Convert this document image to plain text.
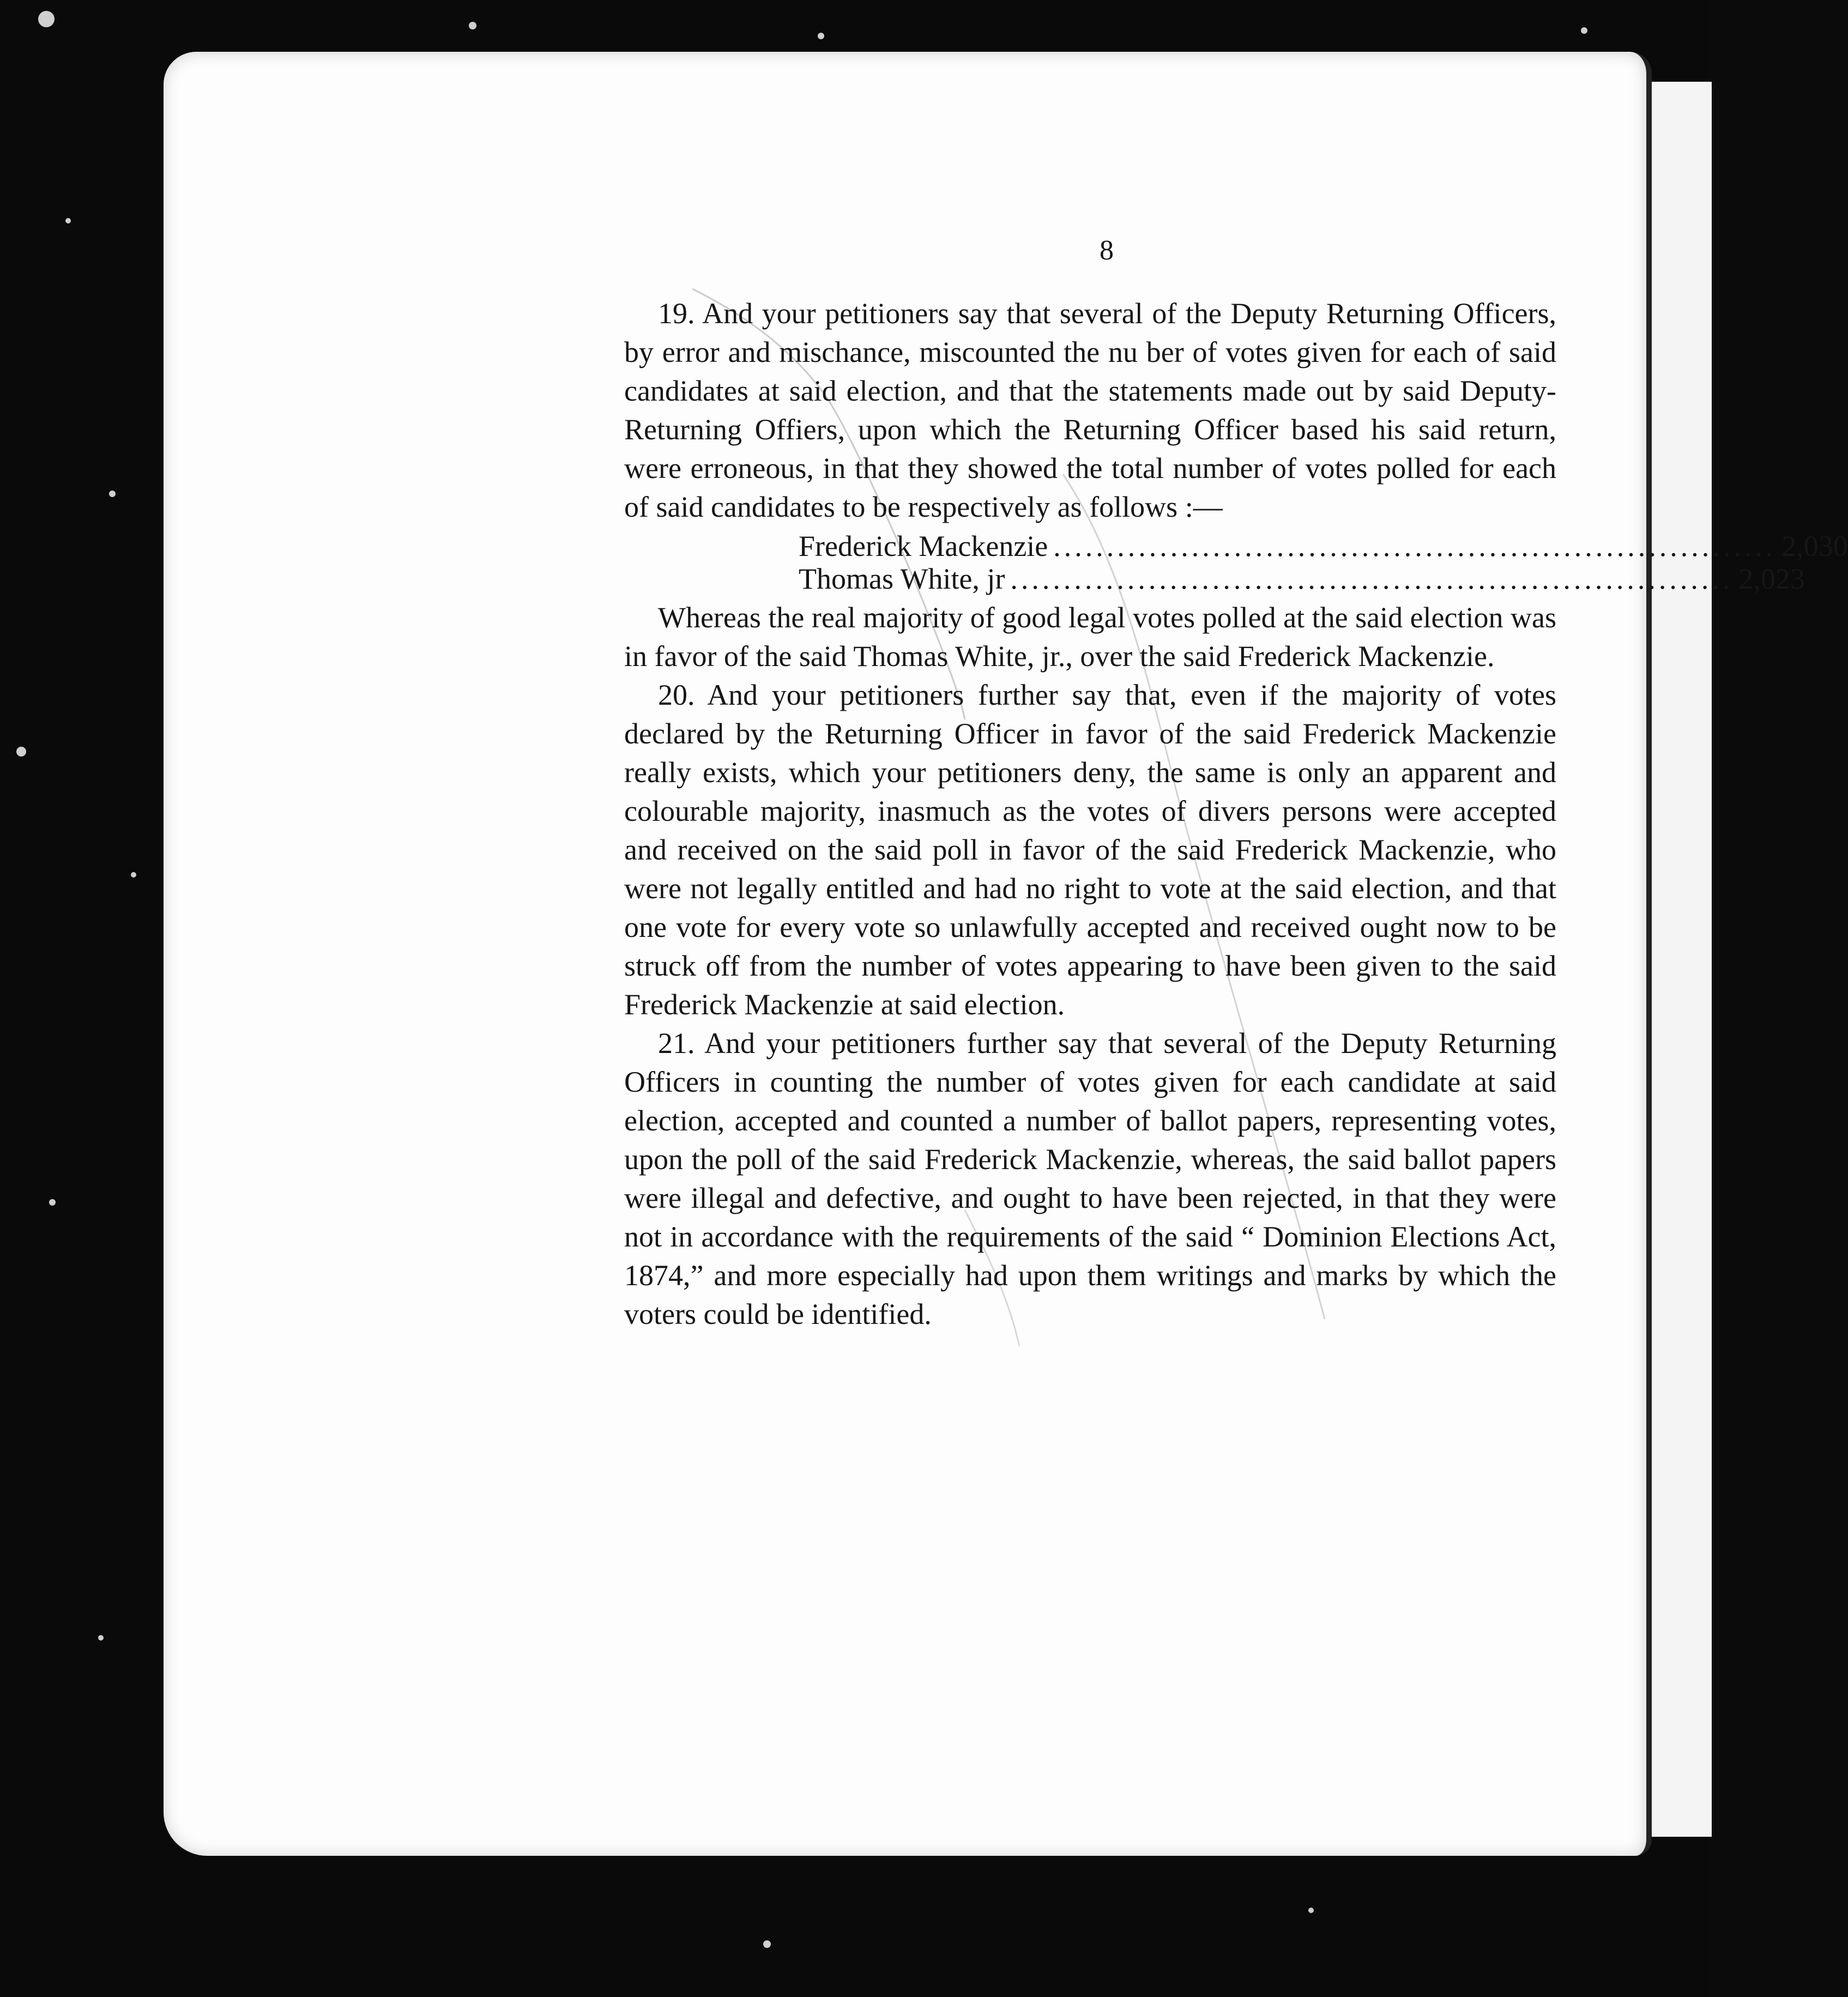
8

19. And your petitioners say that several of the Deputy Returning Officers, by error and mischance, miscounted the nu ber of votes given for each of said candidates at said election, and that the statements made out by said Deputy-Returning Offiers, upon which the Returning Officer based his said return, were erroneous, in that they showed the total number of votes polled for each of said candidates to be respectively as follows :—

Frederick Mackenzie .................................................................... 2,030
Thomas White, jr .................................................................... 2,023

Whereas the real majority of good legal votes polled at the said election was in favor of the said Thomas White, jr., over the said Frederick Mackenzie.

20. And your petitioners further say that, even if the majority of votes declared by the Returning Officer in favor of the said Frederick Mackenzie really exists, which your petitioners deny, the same is only an apparent and colourable majority, inasmuch as the votes of divers persons were accepted and received on the said poll in favor of the said Frederick Mackenzie, who were not legally entitled and had no right to vote at the said election, and that one vote for every vote so unlawfully accepted and received ought now to be struck off from the number of votes appearing to have been given to the said Frederick Mackenzie at said election.

21. And your petitioners further say that several of the Deputy Returning Officers in counting the number of votes given for each candidate at said election, accepted and counted a number of ballot papers, representing votes, upon the poll of the said Frederick Mackenzie, whereas, the said ballot papers were illegal and defective, and ought to have been rejected, in that they were not in accordance with the requirements of the said “ Dominion Elections Act, 1874,” and more especially had upon them writings and marks by which the voters could be identified.
